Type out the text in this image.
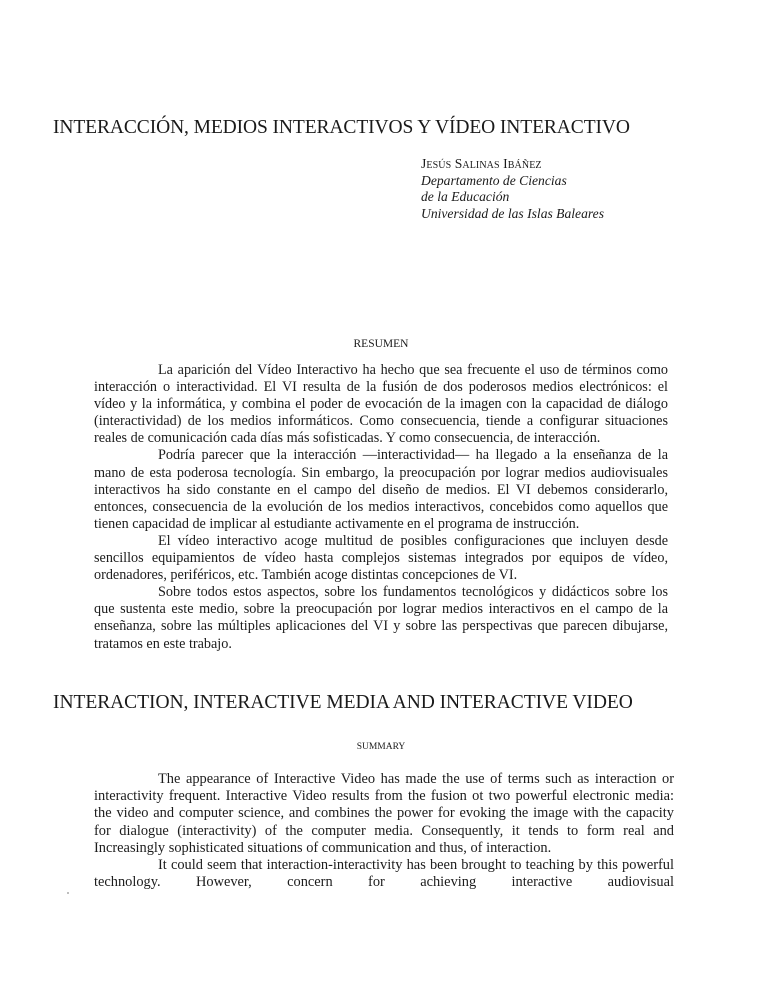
INTERACCIÓN, MEDIOS INTERACTIVOS Y VÍDEO INTERACTIVO
Jesús Salinas Ibáñez
Departamento de Ciencias
de la Educación
Universidad de las Islas Baleares
RESUMEN

La aparición del Vídeo Interactivo ha hecho que sea frecuente el uso de términos como interacción o interactividad. El VI resulta de la fusión de dos poderosos medios electrónicos: el vídeo y la informática, y combina el poder de evocación de la imagen con la capacidad de diálogo (interactividad) de los medios informáticos. Como consecuencia, tiende a configurar situaciones reales de comunicación cada días más sofisticadas. Y como consecuencia, de interacción.

Podría parecer que la interacción —interactividad— ha llegado a la enseñanza de la mano de esta poderosa tecnología. Sin embargo, la preocupación por lograr medios audiovisuales interactivos ha sido constante en el campo del diseño de medios. El VI debemos considerarlo, entonces, consecuencia de la evolución de los medios interactivos, concebidos como aquellos que tienen capacidad de implicar al estudiante activamente en el programa de instrucción.

El vídeo interactivo acoge multitud de posibles configuraciones que incluyen desde sencillos equipamientos de vídeo hasta complejos sistemas integrados por equipos de vídeo, ordenadores, periféricos, etc. También acoge distintas concepciones de VI.

Sobre todos estos aspectos, sobre los fundamentos tecnológicos y didácticos sobre los que sustenta este medio, sobre la preocupación por lograr medios interactivos en el campo de la enseñanza, sobre las múltiples aplicaciones del VI y sobre las perspectivas que parecen dibujarse, tratamos en este trabajo.

INTERACTION, INTERACTIVE MEDIA AND INTERACTIVE VIDEO
SUMMARY

The appearance of Interactive Video has made the use of terms such as interaction or interactivity frequent. Interactive Video results from the fusion ot two powerful electronic media: the video and computer science, and combines the power for evoking the image with the capacity for dialogue (interactivity) of the computer media. Consequently, it tends to form real and Increasingly sophisticated situations of communication and thus, of interaction.

It could seem that interaction-interactivity has been brought to teaching by this powerful technology. However, concern for achieving interactive audiovisual
